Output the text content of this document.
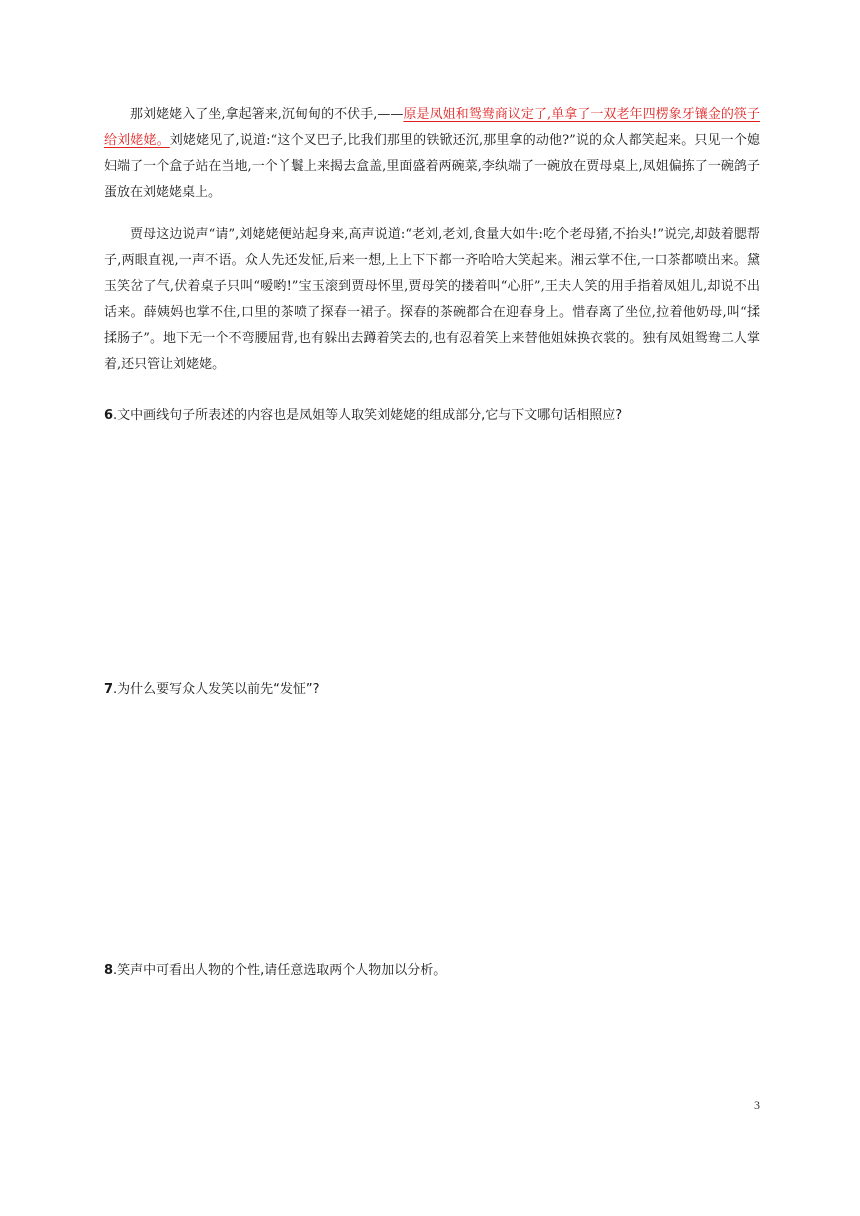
那刘姥姥入了坐,拿起箸来,沉甸甸的不伏手,——原是凤姐和鸳鸯商议定了,单拿了一双老年四楞象牙镶金的筷子给刘姥姥。刘姥姥见了,说道:“这个叉巴子,比我们那里的铁锨还沉,那里拿的动他?”说的众人都笑起来。只见一个媳妇端了一个盒子站在当地,一个丫鬟上来揭去盒盖,里面盛着两碗菜,李纨端了一碗放在贾母桌上,凤姐偏拣了一碗鸽子蛋放在刘姥姥桌上。

贾母这边说声“请”,刘姥姥便站起身来,高声说道:“老刘,老刘,食量大如牛:吃个老母猪,不抬头!”说完,却鼓着腮帮子,两眼直视,一声不语。众人先还发怔,后来一想,上上下下都一齐哈哈大笑起来。湘云掌不住,一口茶都喷出来。黛玉笑岔了气,伏着桌子只叫“嗳哟!”宝玉滚到贾母怀里,贾母笑的搂着叫“心肝”,王夫人笑的用手指着凤姐儿,却说不出话来。薛姨妈也掌不住,口里的茶喷了探春一裙子。探春的茶碗都合在迎春身上。惜春离了坐位,拉着他奶母,叫“揉揉肠子”。地下无一个不弯腰屈背,也有躲出去蹲着笑去的,也有忍着笑上来替他姐妹换衣裳的。独有凤姐鸳鸯二人掌着,还只管让刘姥姥。

6.文中画线句子所表述的内容也是凤姐等人取笑刘姥姥的组成部分,它与下文哪句话相照应?

7.为什么要写众人发笑以前先“发怔”?

8.笑声中可看出人物的个性,请任意选取两个人物加以分析。

3
